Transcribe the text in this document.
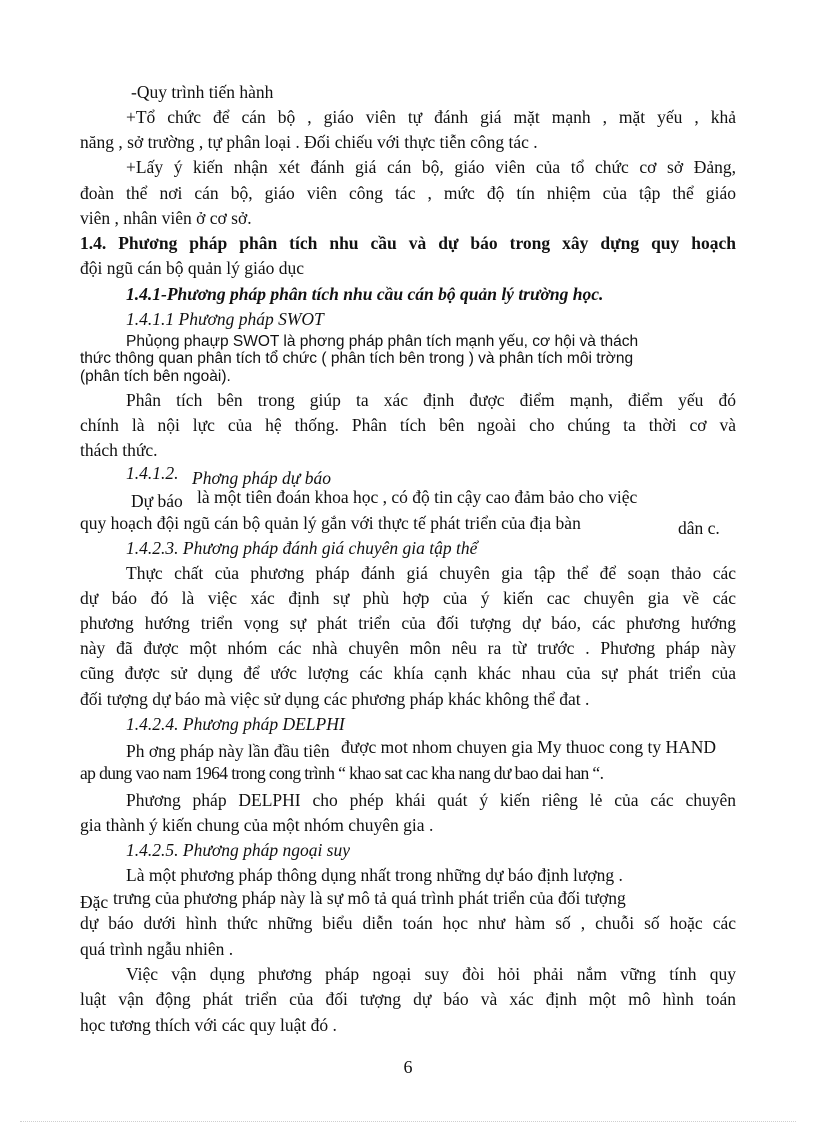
-Quy trình tiến hành
+Tổ chức để cán bộ , giáo viên tự đánh giá mặt mạnh , mặt yếu , khả
năng , sở trường , tự phân loại . Đối chiếu với thực tiễn công tác .
+Lấy ý kiến nhận xét đánh giá cán bộ, giáo viên của tổ chức cơ sở Đảng,
đoàn thể nơi cán bộ, giáo viên công tác , mức độ tín nhiệm của tập thể giáo
viên , nhân viên ở cơ sở.
1.4. Phương pháp phân tích nhu cầu và dự báo trong xây dựng quy hoạch
đội ngũ cán bộ quản lý giáo dục
1.4.1-Phương pháp phân tích nhu cầu cán bộ quản lý trường học.
1.4.1.1 Phương pháp SWOT
Phủọng phaựp SWOT là phơng pháp phân tích mạnh yếu, cơ hội và thách
thức thông quan phân tích tổ chức ( phân tích bên trong ) và phân tích môi trờng
(phân tích bên ngoài).
Phân tích bên trong giúp ta xác định được điểm mạnh, điểm yếu đó
chính là nội lực của hệ thống. Phân tích bên ngoài cho chúng ta thời cơ và
thách thức.
1.4.1.2. Phơng pháp dự báo
Dự báo là một tiên đoán khoa học , có độ tin cậy cao đảm bảo cho việc
quy hoạch đội ngũ cán bộ quản lý gắn với thực tế phát triển của địa bàn	dân c.
1.4.2.3. Phương pháp đánh giá chuyên gia tập thể
Thực chất của phương pháp đánh giá chuyên gia tập thể để soạn thảo các
dự báo đó là việc xác định sự phù hợp của ý kiến cac chuyên gia về các
phương hướng triển vọng sự phát triển của đối tượng dự báo, các phương hướng
này đã được một nhóm các nhà chuyên môn nêu ra từ trước . Phương pháp này
cũng được sử dụng để ước lượng các khía cạnh khác nhau của sự phát triển của
đối tượng dự báo mà việc sử dụng các phương pháp khác không thể đat .
1.4.2.4. Phương pháp DELPHI
Ph ơng pháp này lần đầu tiên được mot nhom chuyen gia My thuoc cong ty HAND
ap dung vao nam 1964 trong cong trình “ khao sat cac kha nang dư bao dai han “.
Phương pháp DELPHI cho phép khái quát ý kiến riêng lẻ của các chuyên
gia thành ý kiến chung của một nhóm chuyên gia .
1.4.2.5. Phương pháp ngoại suy
Là một phương pháp thông dụng nhất trong những dự báo định lượng .
Đặc trưng của phương pháp này là sự mô tả quá trình phát triển của đối tượng
dự báo dưới hình thức những biểu diễn toán học như hàm số , chuỗi số hoặc các
quá trình ngẫu nhiên .
Việc vận dụng phương pháp ngoại suy đòi hỏi phải nắm vững tính quy
luật vận động phát triển của đối tượng dự báo và xác định một mô hình toán
học tương thích với các quy luật đó .
6
